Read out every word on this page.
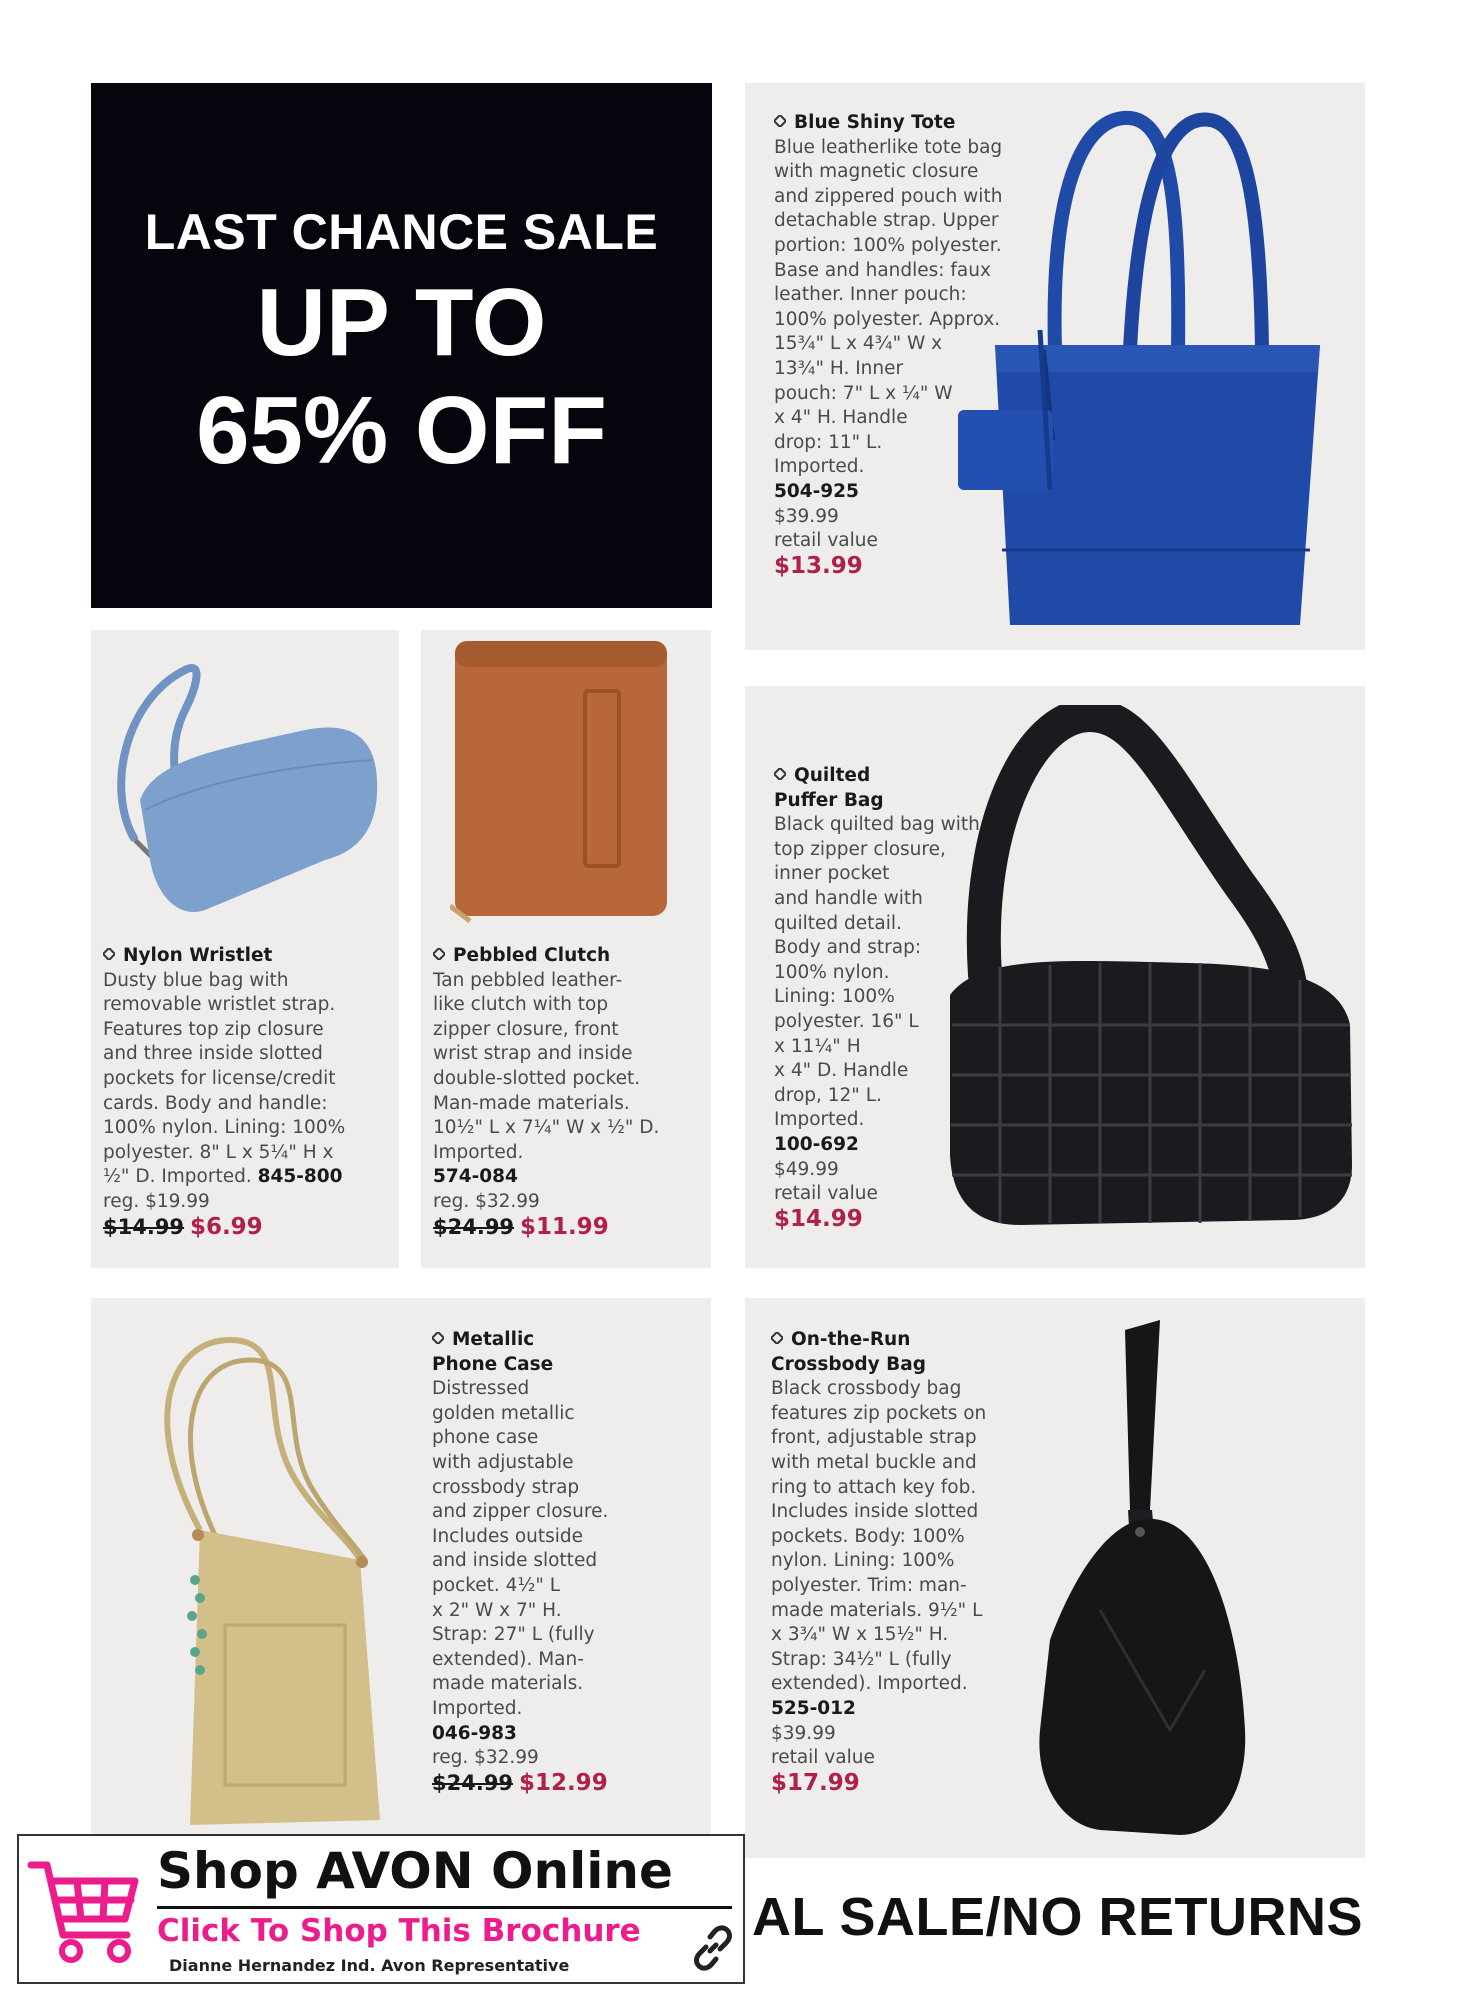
LAST CHANCE SALE
UP TO
65% OFF
Blue Shiny Tote
Blue leatherlike tote bag
with magnetic closure
and zippered pouch with
detachable strap. Upper
portion: 100% polyester.
Base and handles: faux
leather. Inner pouch:
100% polyester. Approx.
15¾" L x 4¾" W x
13¾" H. Inner
pouch: 7" L x ¼" W
x 4" H. Handle
drop: 11" L.
Imported.
504-925
$39.99
retail value
$13.99
Nylon Wristlet
Dusty blue bag with
removable wristlet strap.
Features top zip closure
and three inside slotted
pockets for license/credit
cards. Body and handle:
100% nylon. Lining: 100%
polyester. 8" L x 5¼" H x
½" D. Imported. 845-800
reg. $19.99
$14.99 $6.99
Pebbled Clutch
Tan pebbled leather-
like clutch with top
zipper closure, front
wrist strap and inside
double-slotted pocket.
Man-made materials.
10½" L x 7¼" W x ½" D.
Imported.
574-084
reg. $32.99
$24.99 $11.99
Quilted
Puffer Bag
Black quilted bag with
top zipper closure,
inner pocket
and handle with
quilted detail.
Body and strap:
100% nylon.
Lining: 100%
polyester. 16" L
x 11¼" H
x 4" D. Handle
drop, 12" L.
Imported.
100-692
$49.99
retail value
$14.99
Metallic
Phone Case
Distressed
golden metallic
phone case
with adjustable
crossbody strap
and zipper closure.
Includes outside
and inside slotted
pocket. 4½" L
x 2" W x 7" H.
Strap: 27" L (fully
extended). Man-
made materials.
Imported.
046-983
reg. $32.99
$24.99 $12.99
On-the-Run
Crossbody Bag
Black crossbody bag
features zip pockets on
front, adjustable strap
with metal buckle and
ring to attach key fob.
Includes inside slotted
pockets. Body: 100%
nylon. Lining: 100%
polyester. Trim: man-
made materials. 9½" L
x 3¾" W x 15½" H.
Strap: 34½" L (fully
extended). Imported.
525-012
$39.99
retail value
$17.99
AL SALE/NO RETURNS
Shop AVON Online
Click To Shop This Brochure
Dianne Hernandez Ind. Avon Representative
